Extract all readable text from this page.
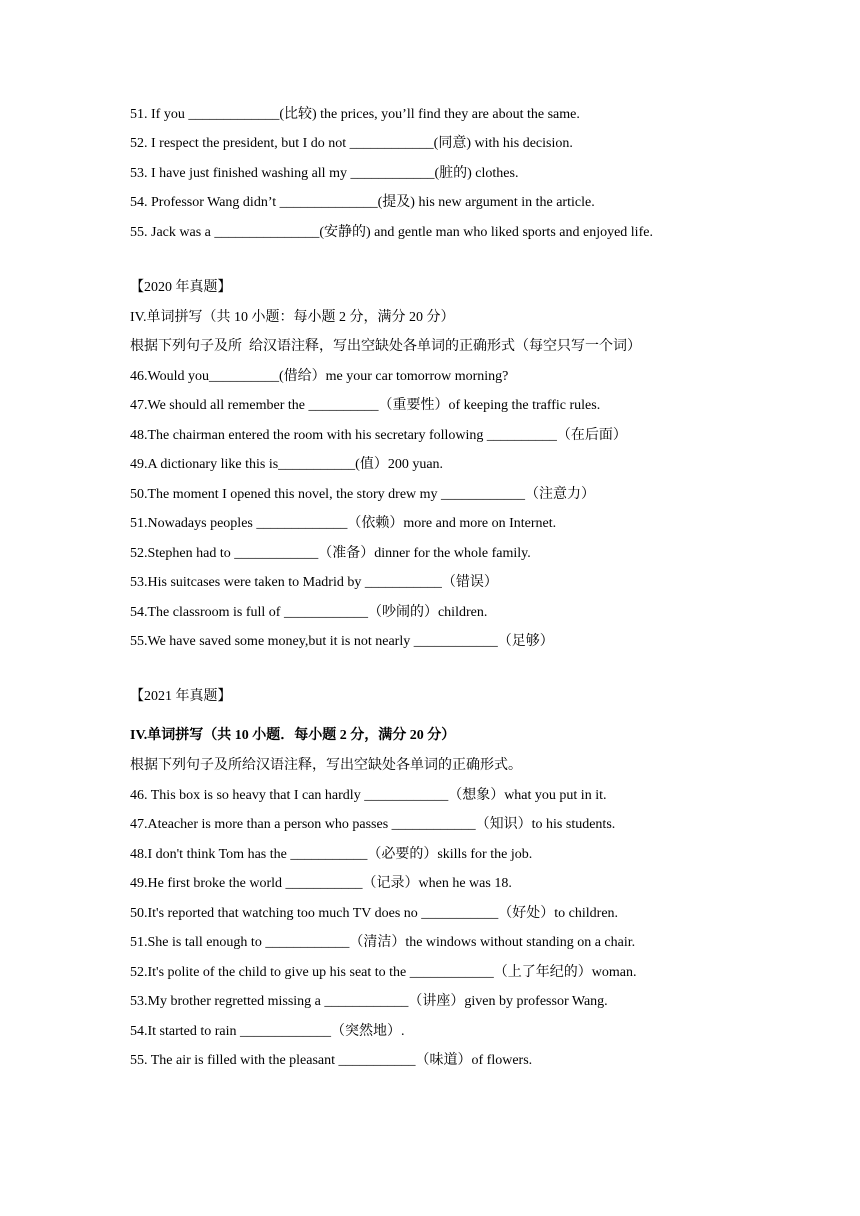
51. If you _____________(比较) the prices, you’ll find they are about the same.
52. I respect the president, but I do not ____________(同意) with his decision.
53. I have just finished washing all my ____________(脏的) clothes.
54. Professor Wang didn’t ______________(提及) his new argument in the article.
55. Jack was a _______________(安静的) and gentle man who liked sports and enjoyed life.
【2020 年真题】
IV.单词拼写（共 10 小题：每小题 2 分，满分 20 分）
根据下列句子及所  给汉语注释，写出空缺处各单词的正确形式（每空只写一个词）
46.Would you__________(借给）me your car tomorrow morning?
47.We should all remember the __________（重要性）of keeping the traffic rules.
48.The chairman entered the room with his secretary following __________（在后面）
49.A dictionary like this is___________(值）200 yuan.
50.The moment I opened this novel, the story drew my ____________（注意力）
51.Nowadays peoples _____________（依赖）more and more on Internet.
52.Stephen had to ____________（准备）dinner for the whole family.
53.His suitcases were taken to Madrid by ___________（错误）
54.The classroom is full of ____________（吵闹的）children.
55.We have saved some money,but it is not nearly ____________（足够）
【2021 年真题】
IV.单词拼写（共 10 小题．每小题 2 分，满分 20 分）
根据下列句子及所给汉语注释，写出空缺处各单词的正确形式。
46. This box is so heavy that I can hardly ____________（想象）what you put in it.
47.Ateacher is more than a person who passes ____________（知识）to his students.
48.I don't think Tom has the ___________（必要的）skills for the job.
49.He first broke the world ___________（记录）when he was 18.
50.It's reported that watching too much TV does no ___________（好处）to children.
51.She is tall enough to ____________（清洁）the windows without standing on a chair.
52.It's polite of the child to give up his seat to the ____________（上了年纪的）woman.
53.My brother regretted missing a ____________（讲座）given by professor Wang.
54.It started to rain _____________（突然地）.
55. The air is filled with the pleasant ___________（味道）of flowers.
